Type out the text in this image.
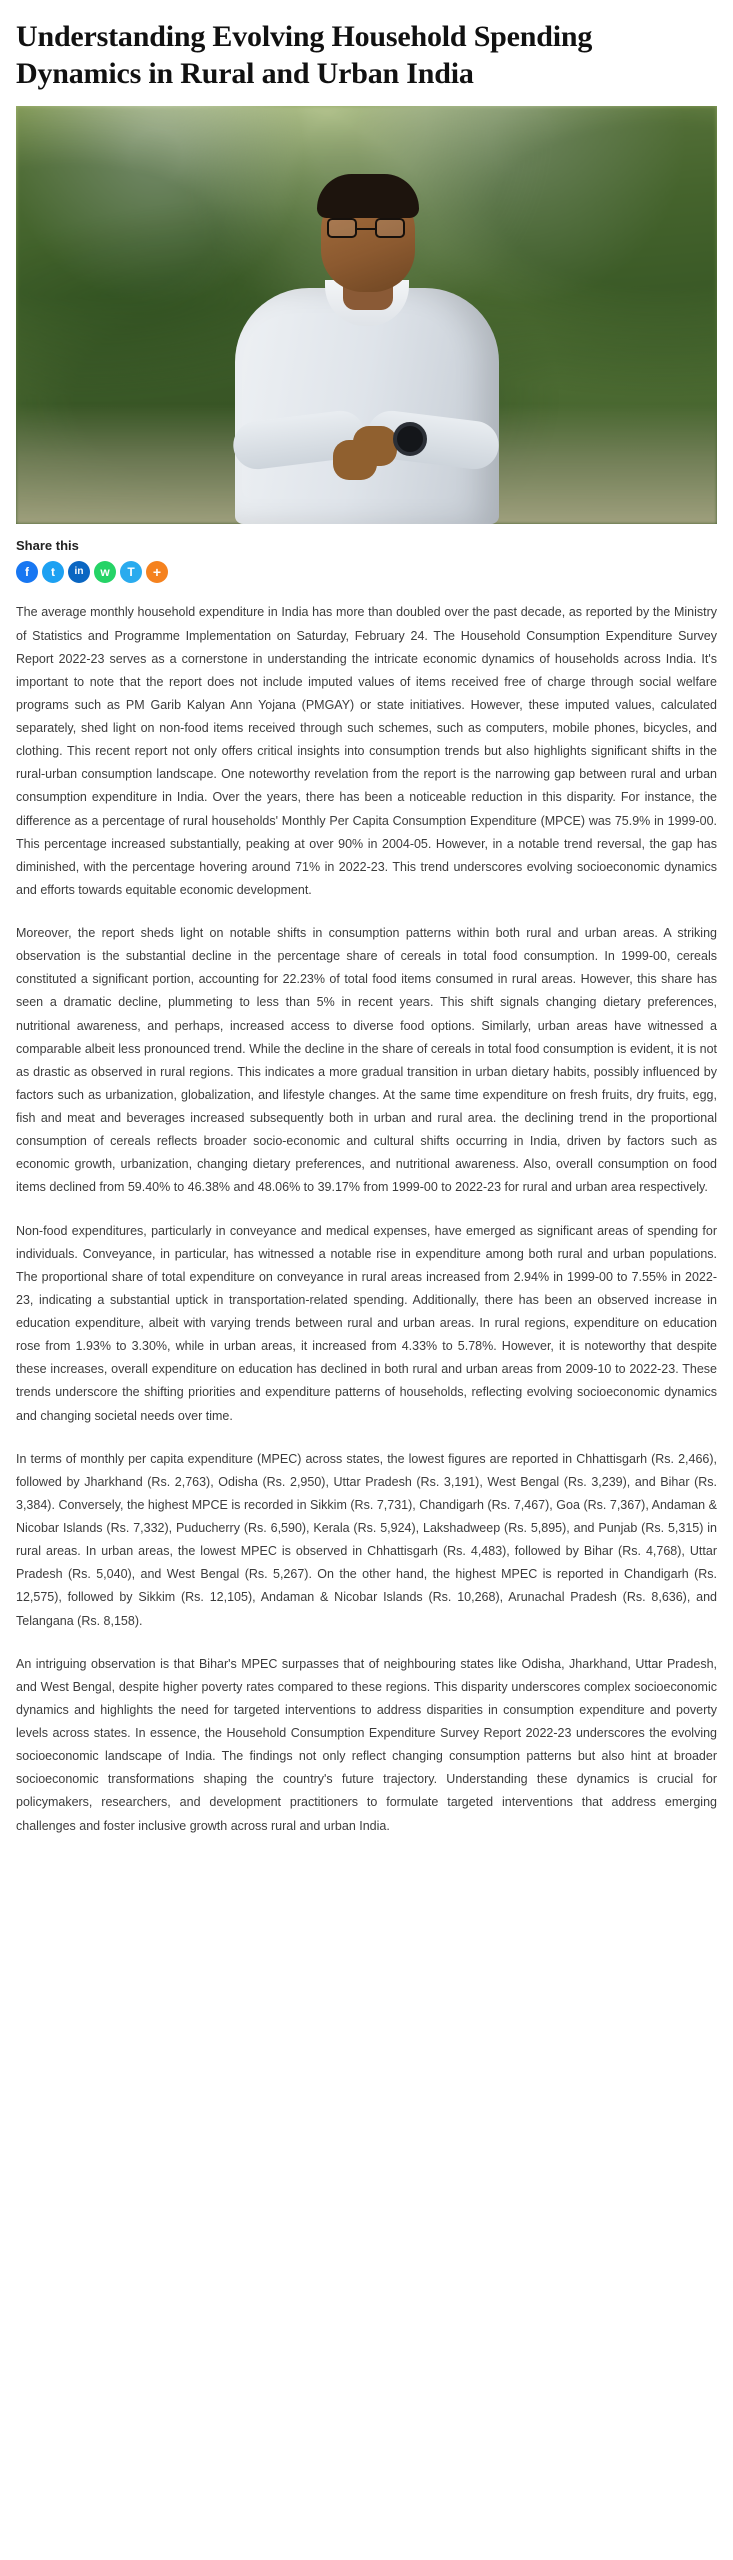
Understanding Evolving Household Spending Dynamics in Rural and Urban India
Share this
f t in w T +

The average monthly household expenditure in India has more than doubled over the past decade, as reported by the Ministry of Statistics and Programme Implementation on Saturday, February 24. The Household Consumption Expenditure Survey Report 2022-23 serves as a cornerstone in understanding the intricate economic dynamics of households across India. It's important to note that the report does not include imputed values of items received free of charge through social welfare programs such as PM Garib Kalyan Ann Yojana (PMGAY) or state initiatives. However, these imputed values, calculated separately, shed light on non-food items received through such schemes, such as computers, mobile phones, bicycles, and clothing. This recent report not only offers critical insights into consumption trends but also highlights significant shifts in the rural-urban consumption landscape. One noteworthy revelation from the report is the narrowing gap between rural and urban consumption expenditure in India. Over the years, there has been a noticeable reduction in this disparity. For instance, the difference as a percentage of rural households' Monthly Per Capita Consumption Expenditure (MPCE) was 75.9% in 1999-00. This percentage increased substantially, peaking at over 90% in 2004-05. However, in a notable trend reversal, the gap has diminished, with the percentage hovering around 71% in 2022-23. This trend underscores evolving socioeconomic dynamics and efforts towards equitable economic development.

Moreover, the report sheds light on notable shifts in consumption patterns within both rural and urban areas. A striking observation is the substantial decline in the percentage share of cereals in total food consumption. In 1999-00, cereals constituted a significant portion, accounting for 22.23% of total food items consumed in rural areas. However, this share has seen a dramatic decline, plummeting to less than 5% in recent years. This shift signals changing dietary preferences, nutritional awareness, and perhaps, increased access to diverse food options. Similarly, urban areas have witnessed a comparable albeit less pronounced trend. While the decline in the share of cereals in total food consumption is evident, it is not as drastic as observed in rural regions. This indicates a more gradual transition in urban dietary habits, possibly influenced by factors such as urbanization, globalization, and lifestyle changes. At the same time expenditure on fresh fruits, dry fruits, egg, fish and meat and beverages increased subsequently both in urban and rural area. the declining trend in the proportional consumption of cereals reflects broader socio-economic and cultural shifts occurring in India, driven by factors such as economic growth, urbanization, changing dietary preferences, and nutritional awareness. Also, overall consumption on food items declined from 59.40% to 46.38% and 48.06% to 39.17% from 1999-00 to 2022-23 for rural and urban area respectively.

Non-food expenditures, particularly in conveyance and medical expenses, have emerged as significant areas of spending for individuals. Conveyance, in particular, has witnessed a notable rise in expenditure among both rural and urban populations. The proportional share of total expenditure on conveyance in rural areas increased from 2.94% in 1999-00 to 7.55% in 2022-23, indicating a substantial uptick in transportation-related spending. Additionally, there has been an observed increase in education expenditure, albeit with varying trends between rural and urban areas. In rural regions, expenditure on education rose from 1.93% to 3.30%, while in urban areas, it increased from 4.33% to 5.78%. However, it is noteworthy that despite these increases, overall expenditure on education has declined in both rural and urban areas from 2009-10 to 2022-23. These trends underscore the shifting priorities and expenditure patterns of households, reflecting evolving socioeconomic dynamics and changing societal needs over time.

In terms of monthly per capita expenditure (MPEC) across states, the lowest figures are reported in Chhattisgarh (Rs. 2,466), followed by Jharkhand (Rs. 2,763), Odisha (Rs. 2,950), Uttar Pradesh (Rs. 3,191), West Bengal (Rs. 3,239), and Bihar (Rs. 3,384). Conversely, the highest MPCE is recorded in Sikkim (Rs. 7,731), Chandigarh (Rs. 7,467), Goa (Rs. 7,367), Andaman & Nicobar Islands (Rs. 7,332), Puducherry (Rs. 6,590), Kerala (Rs. 5,924), Lakshadweep (Rs. 5,895), and Punjab (Rs. 5,315) in rural areas. In urban areas, the lowest MPEC is observed in Chhattisgarh (Rs. 4,483), followed by Bihar (Rs. 4,768), Uttar Pradesh (Rs. 5,040), and West Bengal (Rs. 5,267). On the other hand, the highest MPEC is reported in Chandigarh (Rs. 12,575), followed by Sikkim (Rs. 12,105), Andaman & Nicobar Islands (Rs. 10,268), Arunachal Pradesh (Rs. 8,636), and Telangana (Rs. 8,158).

An intriguing observation is that Bihar's MPEC surpasses that of neighbouring states like Odisha, Jharkhand, Uttar Pradesh, and West Bengal, despite higher poverty rates compared to these regions. This disparity underscores complex socioeconomic dynamics and highlights the need for targeted interventions to address disparities in consumption expenditure and poverty levels across states. In essence, the Household Consumption Expenditure Survey Report 2022-23 underscores the evolving socioeconomic landscape of India. The findings not only reflect changing consumption patterns but also hint at broader socioeconomic transformations shaping the country's future trajectory. Understanding these dynamics is crucial for policymakers, researchers, and development practitioners to formulate targeted interventions that address emerging challenges and foster inclusive growth across rural and urban India.
